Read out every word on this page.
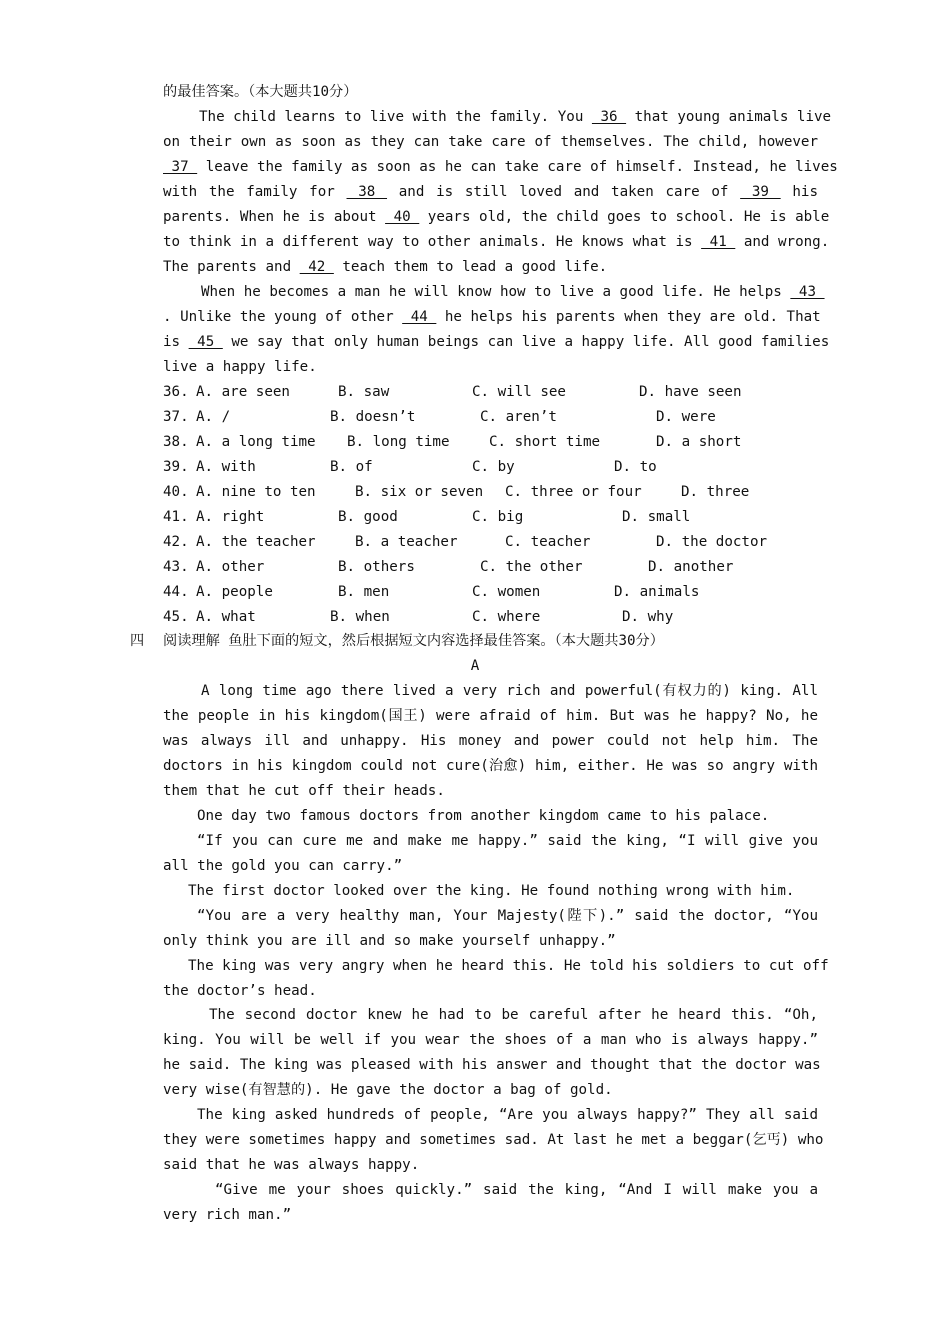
的最佳答案。（本大题共10分）
The child learns to live with the family. You  36  that young animals live
on their own as soon as they can take care of themselves. The child, however
37  leave the family as soon as he can take care of himself. Instead, he lives
with the family for  38  and is still loved and taken care of  39  his
parents. When he is about  40  years old, the child goes to school. He is able
to think in a different way to other animals. He knows what is  41  and wrong.
The parents and  42  teach them to lead a good life.
When he becomes a man he will know how to live a good life. He helps  43
. Unlike the young of other  44  he helps his parents when they are old. That
is  45  we say that only human beings can live a happy life. All good families
live a happy life.
36. A. are seen	B. saw	C. will see	D. have seen
37. A. /	B. doesn’t	C. aren’t	D. were
38. A. a long time B. long time	C. short time	D. a short
39. A. with	B. of	C. by	D. to
40. A. nine to ten	B. six or seven C. three or four	D. three
41. A. right	B. good	C. big	D. small
42. A. the teacher	B. a teacher	C. teacher	D. the doctor
43. A. other	B. others	C. the other	D. another
44. A. people	B. men	C. women	D. animals
45. A. what	B. when	C. where	D. why
四 阅读理解 鱼肚下面的短文，然后根据短文内容选择最佳答案。（本大题共30分）
A
A long time ago there lived a very rich and powerful(有权力的) king. All
the people in his kingdom(国王) were afraid of him. But was he happy? No, he
was always ill and unhappy. His money and power could not help him. The
doctors in his kingdom could not cure(治愈) him, either. He was so angry with
them that he cut off their heads.
One day two famous doctors from another kingdom came to his palace.
“If you can cure me and make me happy.” said the king, “I will give you
all the gold you can carry.”
The first doctor looked over the king. He found nothing wrong with him.
“You are a very healthy man, Your Majesty(陛下).” said the doctor, “You
only think you are ill and so make yourself unhappy.”
The king was very angry when he heard this. He told his soldiers to cut off
the doctor’s head.
The second doctor knew he had to be careful after he heard this. “Oh,
king. You will be well if you wear the shoes of a man who is always happy.”
he said. The king was pleased with his answer and thought that the doctor was
very wise(有智慧的). He gave the doctor a bag of gold.
The king asked hundreds of people, “Are you always happy?” They all said
they were sometimes happy and sometimes sad. At last he met a beggar(乞丐) who
said that he was always happy.
“Give me your shoes quickly.” said the king, “And I will make you a
very rich man.”
